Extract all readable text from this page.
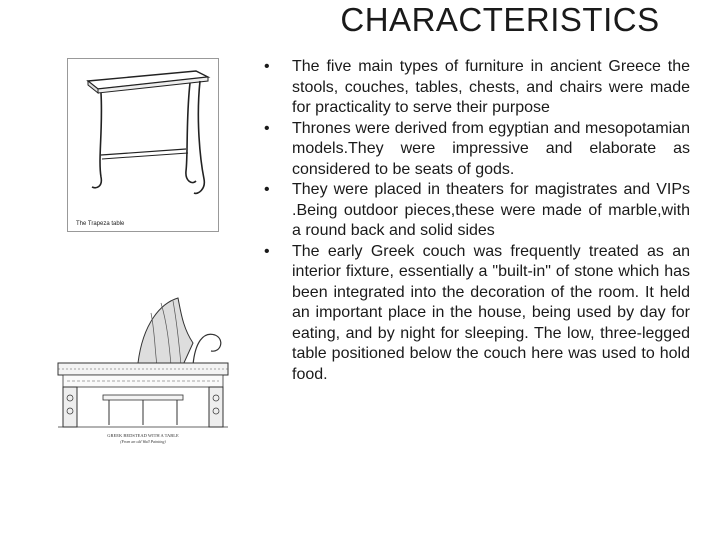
CHARACTERISTICS
The Trapeza table
GREEK BEDSTEAD WITH A TABLE
(From an old Wall Painting)
•	The five main types of furniture in ancient Greece the stools, couches, tables, chests, and chairs were made for practicality to serve their purpose
•	Thrones were derived from egyptian and mesopotamian models.They were impressive and elaborate as considered to be seats of gods.
•	They were placed in theaters for magistrates and VIPs .Being outdoor pieces,these were made of marble,with a round back and solid sides
•	The early Greek couch was frequently treated as an interior fixture, essentially a "built-in" of stone which has been integrated into the decoration of the room. It held an important place in the house, being used by day for eating, and by night for sleeping. The low, three-legged table positioned below the couch here was used to hold food.
